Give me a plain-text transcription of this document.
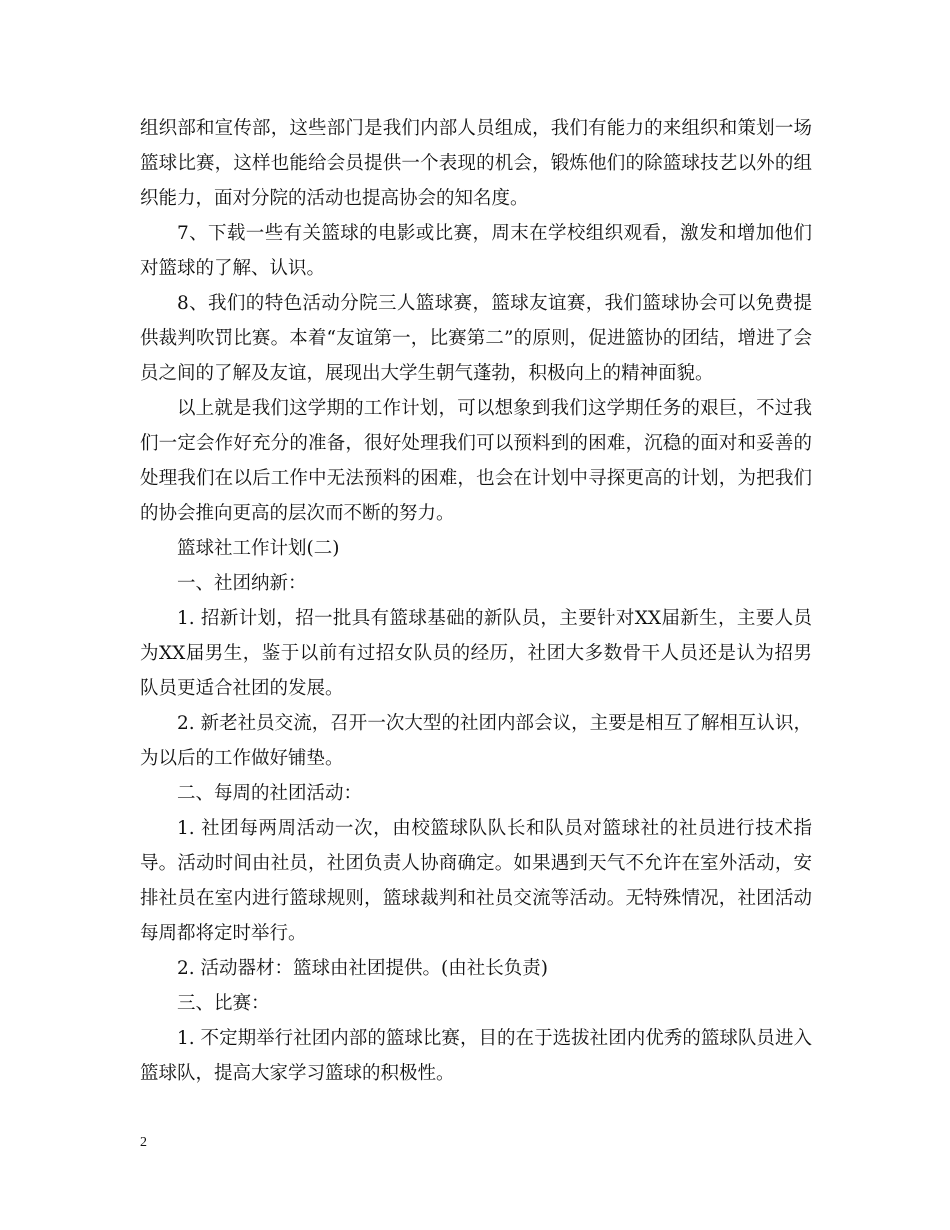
组织部和宣传部，这些部门是我们内部人员组成，我们有能力的来组织和策划一场篮球比赛，这样也能给会员提供一个表现的机会，锻炼他们的除篮球技艺以外的组织能力，面对分院的活动也提高协会的知名度。

7、下载一些有关篮球的电影或比赛，周末在学校组织观看，激发和增加他们对篮球的了解、认识。

8、我们的特色活动分院三人篮球赛，篮球友谊赛，我们篮球协会可以免费提供裁判吹罚比赛。本着“友谊第一，比赛第二”的原则，促进篮协的团结，增进了会员之间的了解及友谊，展现出大学生朝气蓬勃，积极向上的精神面貌。

以上就是我们这学期的工作计划，可以想象到我们这学期任务的艰巨，不过我们一定会作好充分的准备，很好处理我们可以预料到的困难，沉稳的面对和妥善的处理我们在以后工作中无法预料的困难，也会在计划中寻探更高的计划，为把我们的协会推向更高的层次而不断的努力。

篮球社工作计划(二)

一、社团纳新：

1. 招新计划，招一批具有篮球基础的新队员，主要针对XX届新生，主要人员为XX届男生，鉴于以前有过招女队员的经历，社团大多数骨干人员还是认为招男队员更适合社团的发展。

2. 新老社员交流，召开一次大型的社团内部会议，主要是相互了解相互认识，为以后的工作做好铺垫。

二、每周的社团活动：

1. 社团每两周活动一次，由校篮球队队长和队员对篮球社的社员进行技术指导。活动时间由社员，社团负责人协商确定。如果遇到天气不允许在室外活动，安排社员在室内进行篮球规则，篮球裁判和社员交流等活动。无特殊情况，社团活动每周都将定时举行。

2. 活动器材：篮球由社团提供。(由社长负责)

三、比赛：

1. 不定期举行社团内部的篮球比赛，目的在于选拔社团内优秀的篮球队员进入篮球队，提高大家学习篮球的积极性。

2
